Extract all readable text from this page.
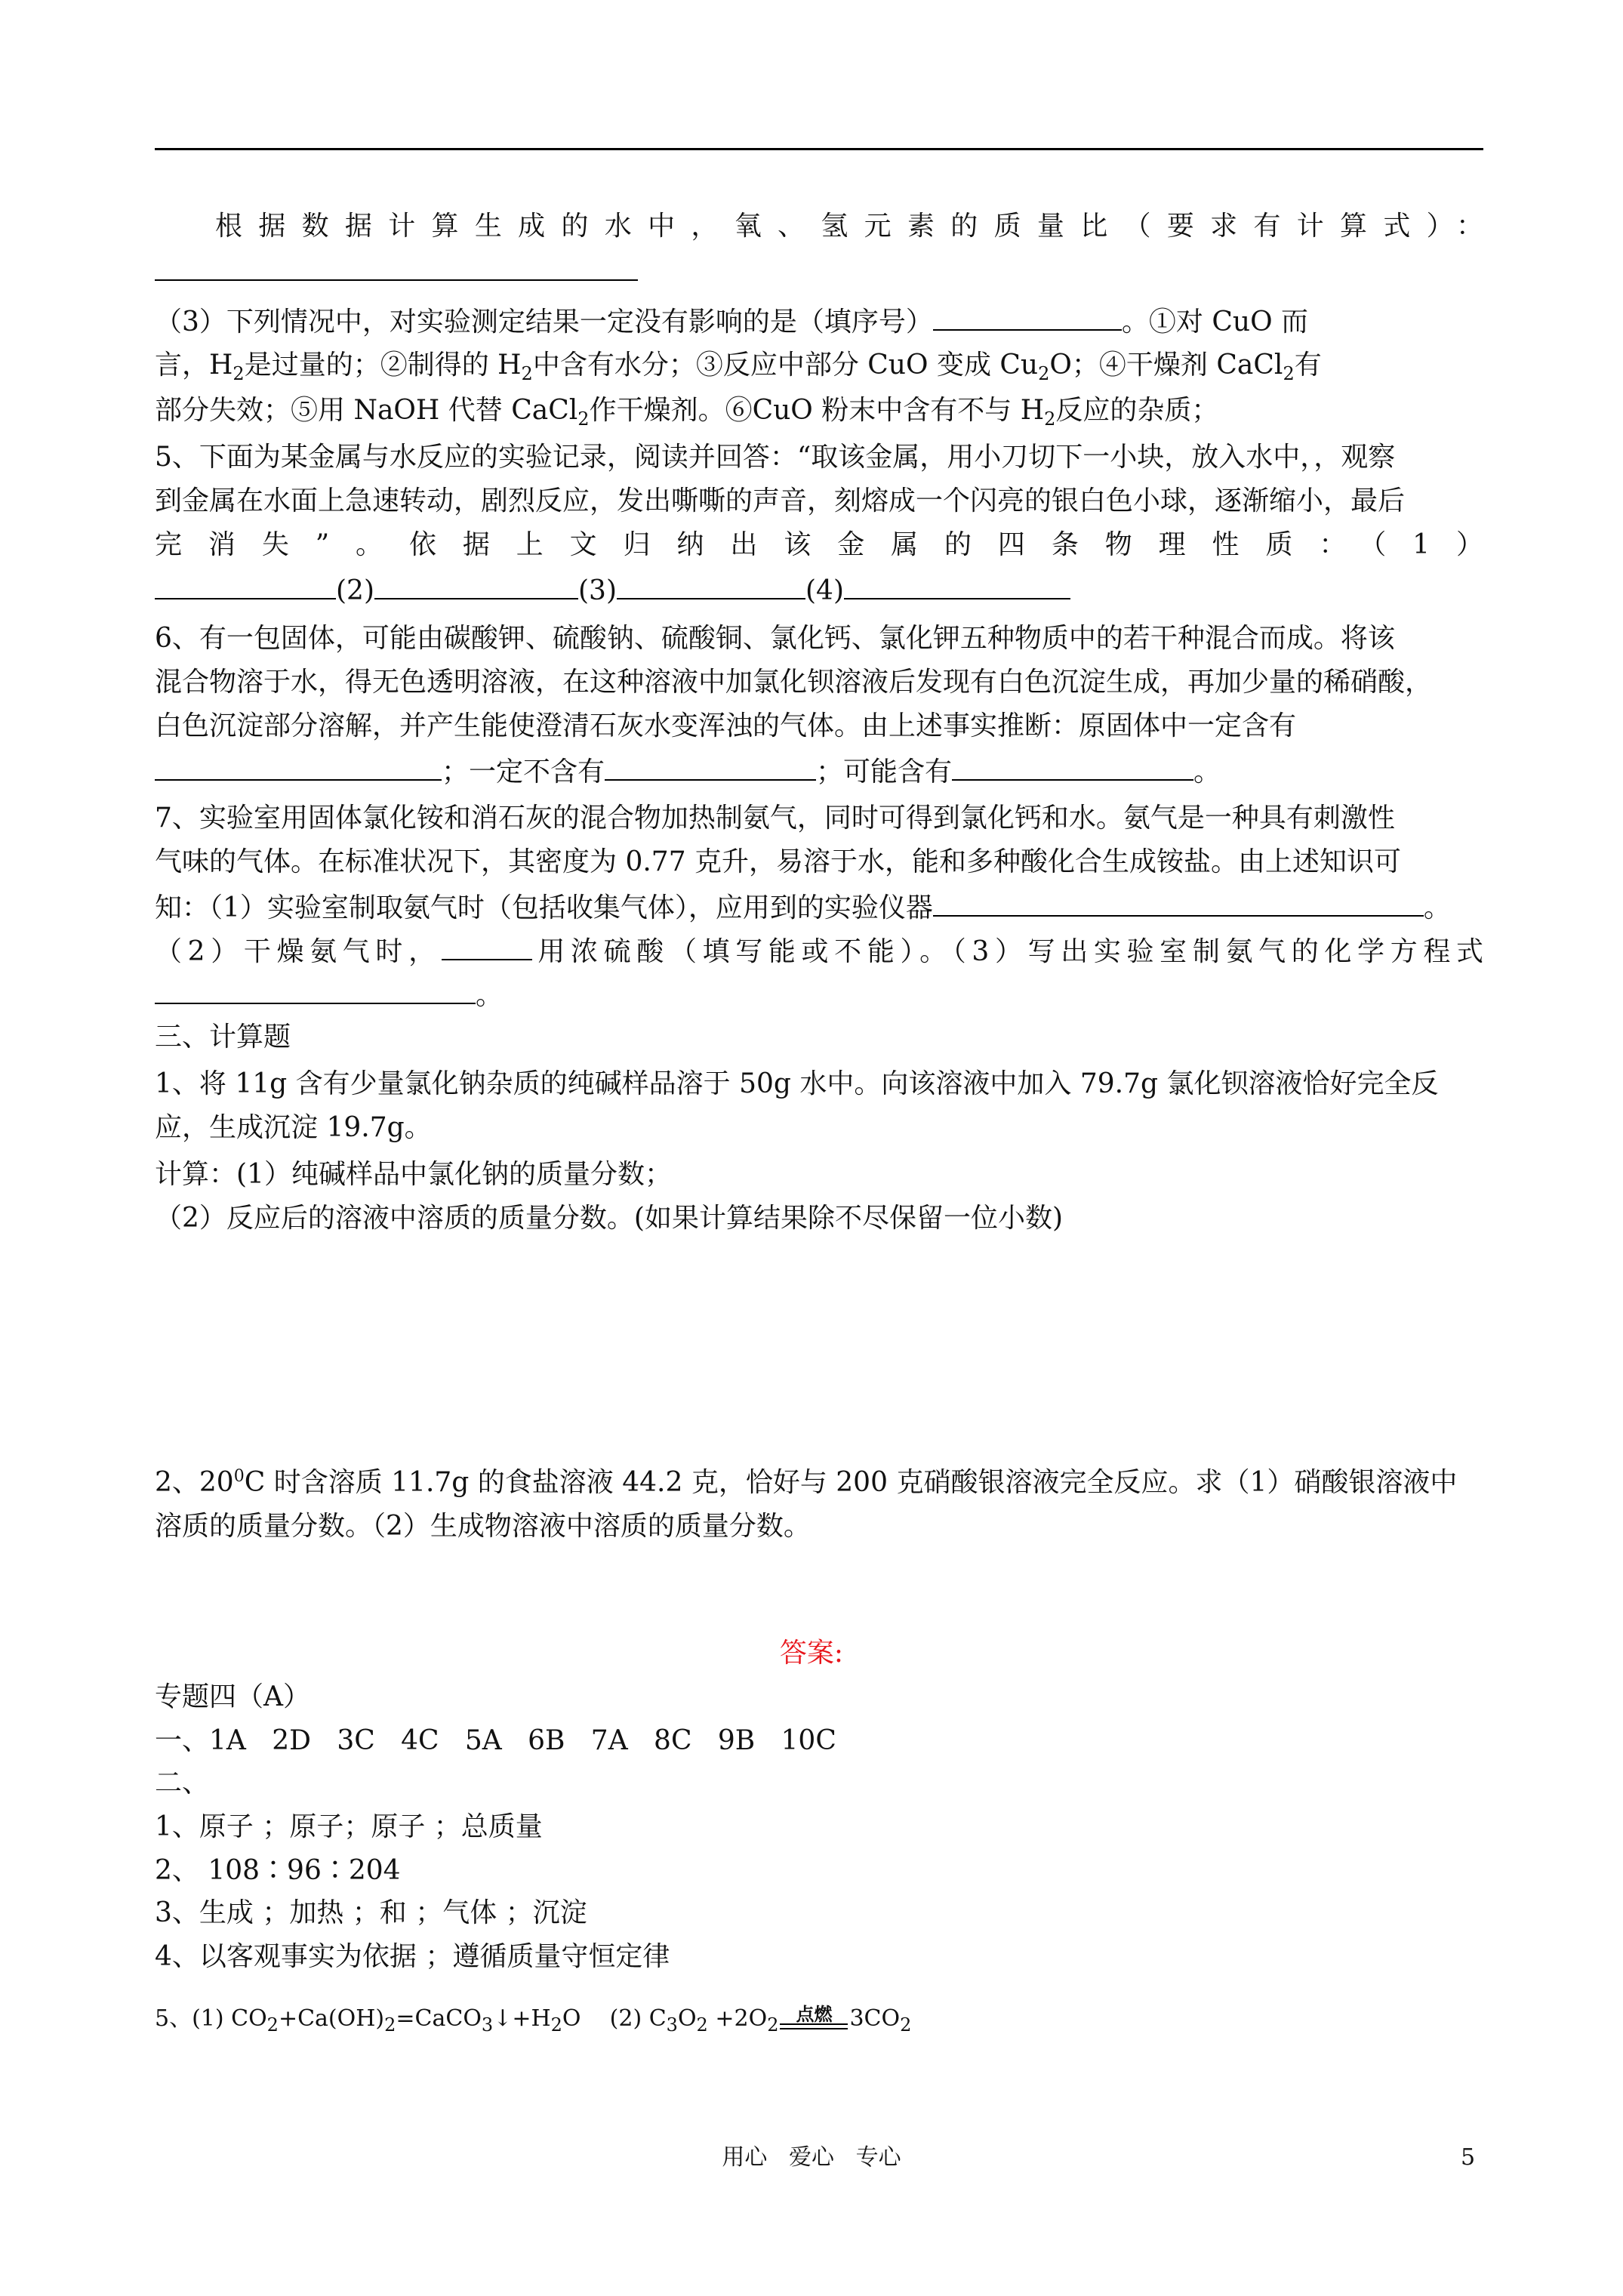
根据数据计算生成的水中，氧、氢元素的质量比（要求有计算式）：
（3）下列情况中，对实验测定结果一定没有影响的是（填序号）	。①对 CuO 而
言，$H_2$是过量的；②制得的 $H_2$中含有水分；③反应中部分 CuO 变成 $Cu_2O$；④干燥剂 CaCl$_2$有
部分失效；⑤用 NaOH 代替 CaCl$_2$作干燥剂。⑥CuO 粉末中含有不与 $H_2$反应的杂质；
5、下面为某金属与水反应的实验记录，阅读并回答：“取该金属，用小刀切下一小块，放入水中，，观察
到金属在水面上急速转动，剧烈反应，发出嘶嘶的声音，刻熔成一个闪亮的银白色小球，逐渐缩小，最后
完消失”。依据上文归纳出该金属的四条物理性质：（1）
(2)	(3)	(4)
6、有一包固体，可能由碳酸钾、硫酸钠、硫酸铜、氯化钙、氯化钾五种物质中的若干种混合而成。将该
混合物溶于水，得无色透明溶液，在这种溶液中加氯化钡溶液后发现有白色沉淀生成，再加少量的稀硝酸，
白色沉淀部分溶解，并产生能使澄清石灰水变浑浊的气体。由上述事实推断：原固体中一定含有
；一定不含有	；可能含有	。
7、实验室用固体氯化铵和消石灰的混合物加热制氨气，同时可得到氯化钙和水。氨气是一种具有刺激性
气味的气体。在标准状况下，其密度为 0.77 克升，易溶于水，能和多种酸化合生成铵盐。由上述知识可
知：（1）实验室制取氨气时（包括收集气体），应用到的实验仪器	。
（2）干燥氨气时，	用浓硫酸（填写能或不能）。（3）写出实验室制氨气的化学方程式
。
三、计算题
1、将 11g 含有少量氯化钠杂质的纯碱样品溶于 50g 水中。向该溶液中加入 79.7g 氯化钡溶液恰好完全反
应，生成沉淀 19.7g。
计算：(1）纯碱样品中氯化钠的质量分数；
（2）反应后的溶液中溶质的质量分数。(如果计算结果除不尽保留一位小数)
2、$20^0C$ 时含溶质 11.7g 的食盐溶液 44.2 克，恰好与 200 克硝酸银溶液完全反应。求（1）硝酸银溶液中
溶质的质量分数。（2）生成物溶液中溶质的质量分数。
答案:
专题四（A）
一、1A   2D   3C   4C   5A   6B   7A   8C   9B   10C
二、
1、原子 ；原子；原子 ；总质量
2、 108∶96∶204
3、生成 ；加热 ；和 ；气体 ；沉淀
4、以客观事实为依据 ；遵循质量守恒定律
5、(1) $CO_2+Ca(OH)_2=CaCO_3↓+H_2O$    (2) $C_3O_2 +2O_2$ 点燃 $3CO_2$
用心   爱心   专心	5
